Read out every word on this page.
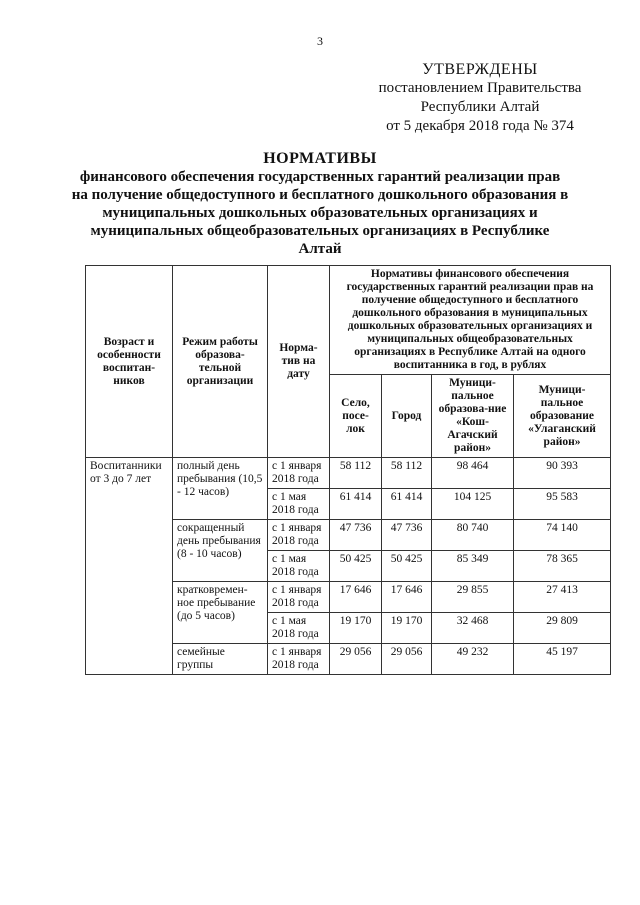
3
УТВЕРЖДЕНЫ
постановлением Правительства
Республики Алтай
от 5 декабря 2018 года № 374
НОРМАТИВЫ
финансового обеспечения государственных гарантий реализации прав на получение общедоступного и бесплатного дошкольного образования в муниципальных дошкольных образовательных организациях и муниципальных общеобразовательных организациях в Республике Алтай
Возраст и особенности воспитан-ников	Режим работы образова-тельной организации	Норма-тив на дату	Нормативы финансового обеспечения государственных гарантий реализации прав на получение общедоступного и бесплатного дошкольного образования в муниципальных дошкольных образовательных организациях и муниципальных общеобразовательных организациях в Республике Алтай на одного воспитанника в год, в рублях			
			Село, посе-лок	Город	Муници-пальное образова-ние «Кош-Агачский район»	Муници-пальное образование «Улаганский район»
Воспитанники от 3 до 7 лет	полный день пребывания (10,5 - 12 часов)	с 1 января 2018 года	58 112	58 112	98 464	90 393
		с 1 мая 2018 года	61 414	61 414	104 125	95 583
	сокращенный день пребывания (8 - 10 часов)	с 1 января 2018 года	47 736	47 736	80 740	74 140
		с 1 мая 2018 года	50 425	50 425	85 349	78 365
	кратковремен-ное пребывание (до 5 часов)	с 1 января 2018 года	17 646	17 646	29 855	27 413
		с 1 мая 2018 года	19 170	19 170	32 468	29 809
	семейные группы	с 1 января 2018 года	29 056	29 056	49 232	45 197
